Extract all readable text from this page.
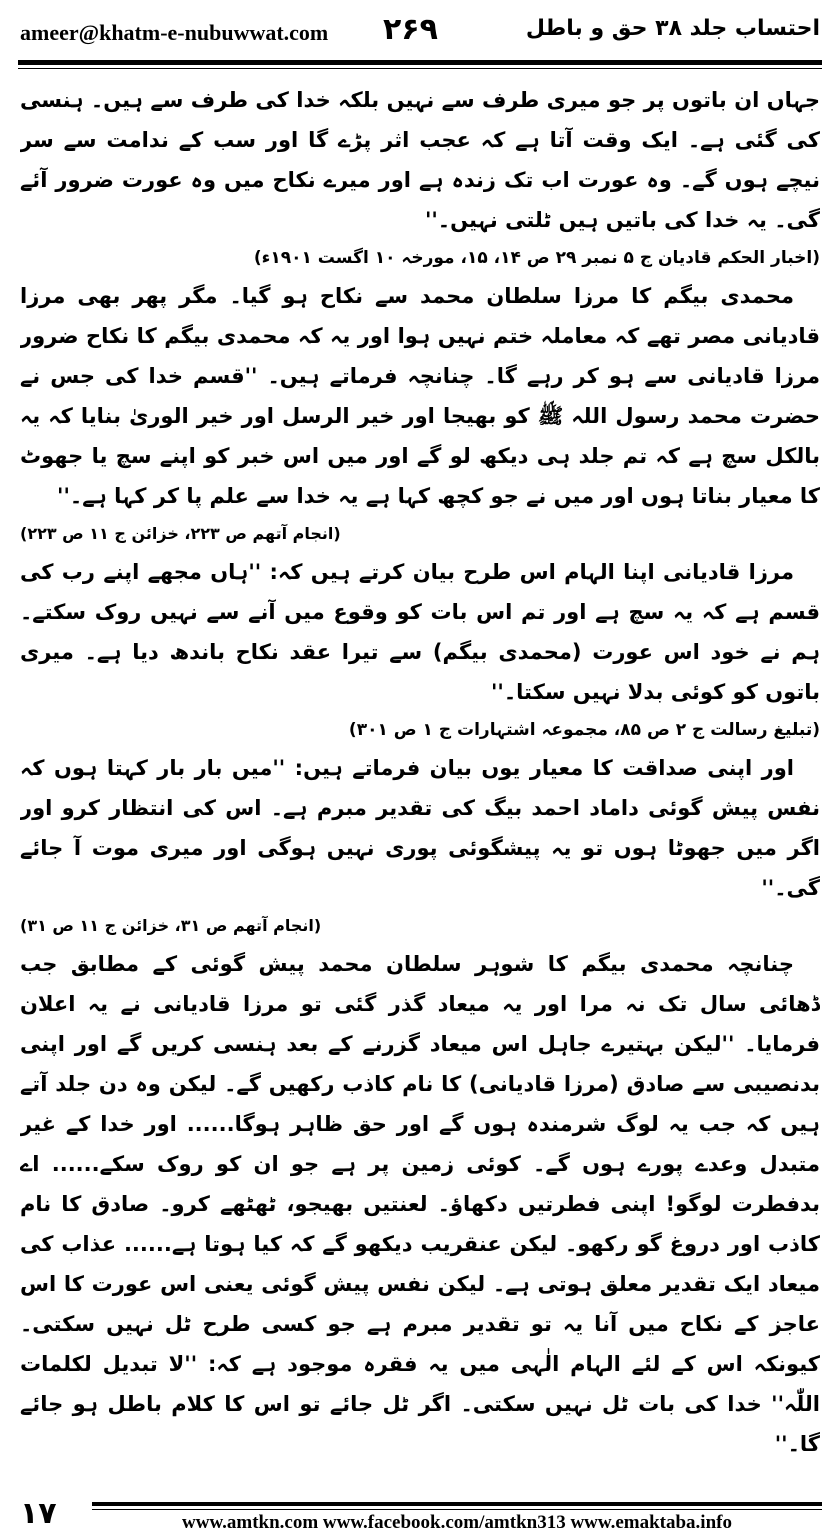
ameer@khatm-e-nubuwwat.com ۲۶۹	احتساب جلد ۳۸ حق و باطل

جہاں ان باتوں پر جو میری طرف سے نہیں بلکہ خدا کی طرف سے ہیں۔ ہنسی کی گئی ہے۔ ایک وقت آتا ہے کہ عجب اثر پڑے گا اور سب کے ندامت سے سر نیچے ہوں گے۔ وہ عورت اب تک زندہ ہے اور میرے نکاح میں وہ عورت ضرور آئے گی۔ یہ خدا کی باتیں ہیں ٹلتی نہیں۔''

(اخبار الحکم قادیان ج ۵ نمبر ۲۹ ص ۱۴، ۱۵، مورخہ ۱۰ اگست ۱۹۰۱ء)

محمدی بیگم کا مرزا سلطان محمد سے نکاح ہو گیا۔ مگر پھر بھی مرزا قادیانی مصر تھے کہ معاملہ ختم نہیں ہوا اور یہ کہ محمدی بیگم کا نکاح ضرور مرزا قادیانی سے ہو کر رہے گا۔ چنانچہ فرماتے ہیں۔ ''قسم خدا کی جس نے حضرت محمد رسول اللہ ﷺ کو بھیجا اور خیر الرسل اور خیر الوریٰ بنایا کہ یہ بالکل سچ ہے کہ تم جلد ہی دیکھ لو گے اور میں اس خبر کو اپنے سچ یا جھوٹ کا معیار بناتا ہوں اور میں نے جو کچھ کہا ہے یہ خدا سے علم پا کر کہا ہے۔''

(انجام آتھم ص ۲۲۳، خزائن ج ۱۱ ص ۲۲۳)

مرزا قادیانی اپنا الہام اس طرح بیان کرتے ہیں کہ: ''ہاں مجھے اپنے رب کی قسم ہے کہ یہ سچ ہے اور تم اس بات کو وقوع میں آنے سے نہیں روک سکتے۔ ہم نے خود اس عورت (محمدی بیگم) سے تیرا عقد نکاح باندھ دیا ہے۔ میری باتوں کو کوئی بدلا نہیں سکتا۔''

(تبلیغ رسالت ج ۲ ص ۸۵، مجموعہ اشتہارات ج ۱ ص ۳۰۱)

اور اپنی صداقت کا معیار یوں بیان فرماتے ہیں: ''میں بار بار کہتا ہوں کہ نفس پیش گوئی داماد احمد بیگ کی تقدیر مبرم ہے۔ اس کی انتظار کرو اور اگر میں جھوٹا ہوں تو یہ پیشگوئی پوری نہیں ہوگی اور میری موت آ جائے گی۔''

(انجام آتھم ص ۳۱، خزائن ج ۱۱ ص ۳۱)

چنانچہ محمدی بیگم کا شوہر سلطان محمد پیش گوئی کے مطابق جب ڈھائی سال تک نہ مرا اور یہ میعاد گذر گئی تو مرزا قادیانی نے یہ اعلان فرمایا۔ ''لیکن بہتیرے جاہل اس میعاد گزرنے کے بعد ہنسی کریں گے اور اپنی بدنصیبی سے صادق (مرزا قادیانی) کا نام کاذب رکھیں گے۔ لیکن وہ دن جلد آتے ہیں کہ جب یہ لوگ شرمندہ ہوں گے اور حق ظاہر ہوگا...... اور خدا کے غیر متبدل وعدے پورے ہوں گے۔ کوئی زمین پر ہے جو ان کو روک سکے...... اے بدفطرت لوگو! اپنی فطرتیں دکھاؤ۔ لعنتیں بھیجو، ٹھٹھے کرو۔ صادق کا نام کاذب اور دروغ گو رکھو۔ لیکن عنقریب دیکھو گے کہ کیا ہوتا ہے...... عذاب کی میعاد ایک تقدیر معلق ہوتی ہے۔ لیکن نفس پیش گوئی یعنی اس عورت کا اس عاجز کے نکاح میں آنا یہ تو تقدیر مبرم ہے جو کسی طرح ٹل نہیں سکتی۔ کیونکہ اس کے لئے الہام الٰہی میں یہ فقرہ موجود ہے کہ: ''لا تبدیل لکلمات اللّٰہ'' خدا کی بات ٹل نہیں سکتی۔ اگر ٹل جائے تو اس کا کلام باطل ہو جائے گا۔''

۱۷	www.amtkn.com www.facebook.com/amtkn313 www.emaktaba.info
